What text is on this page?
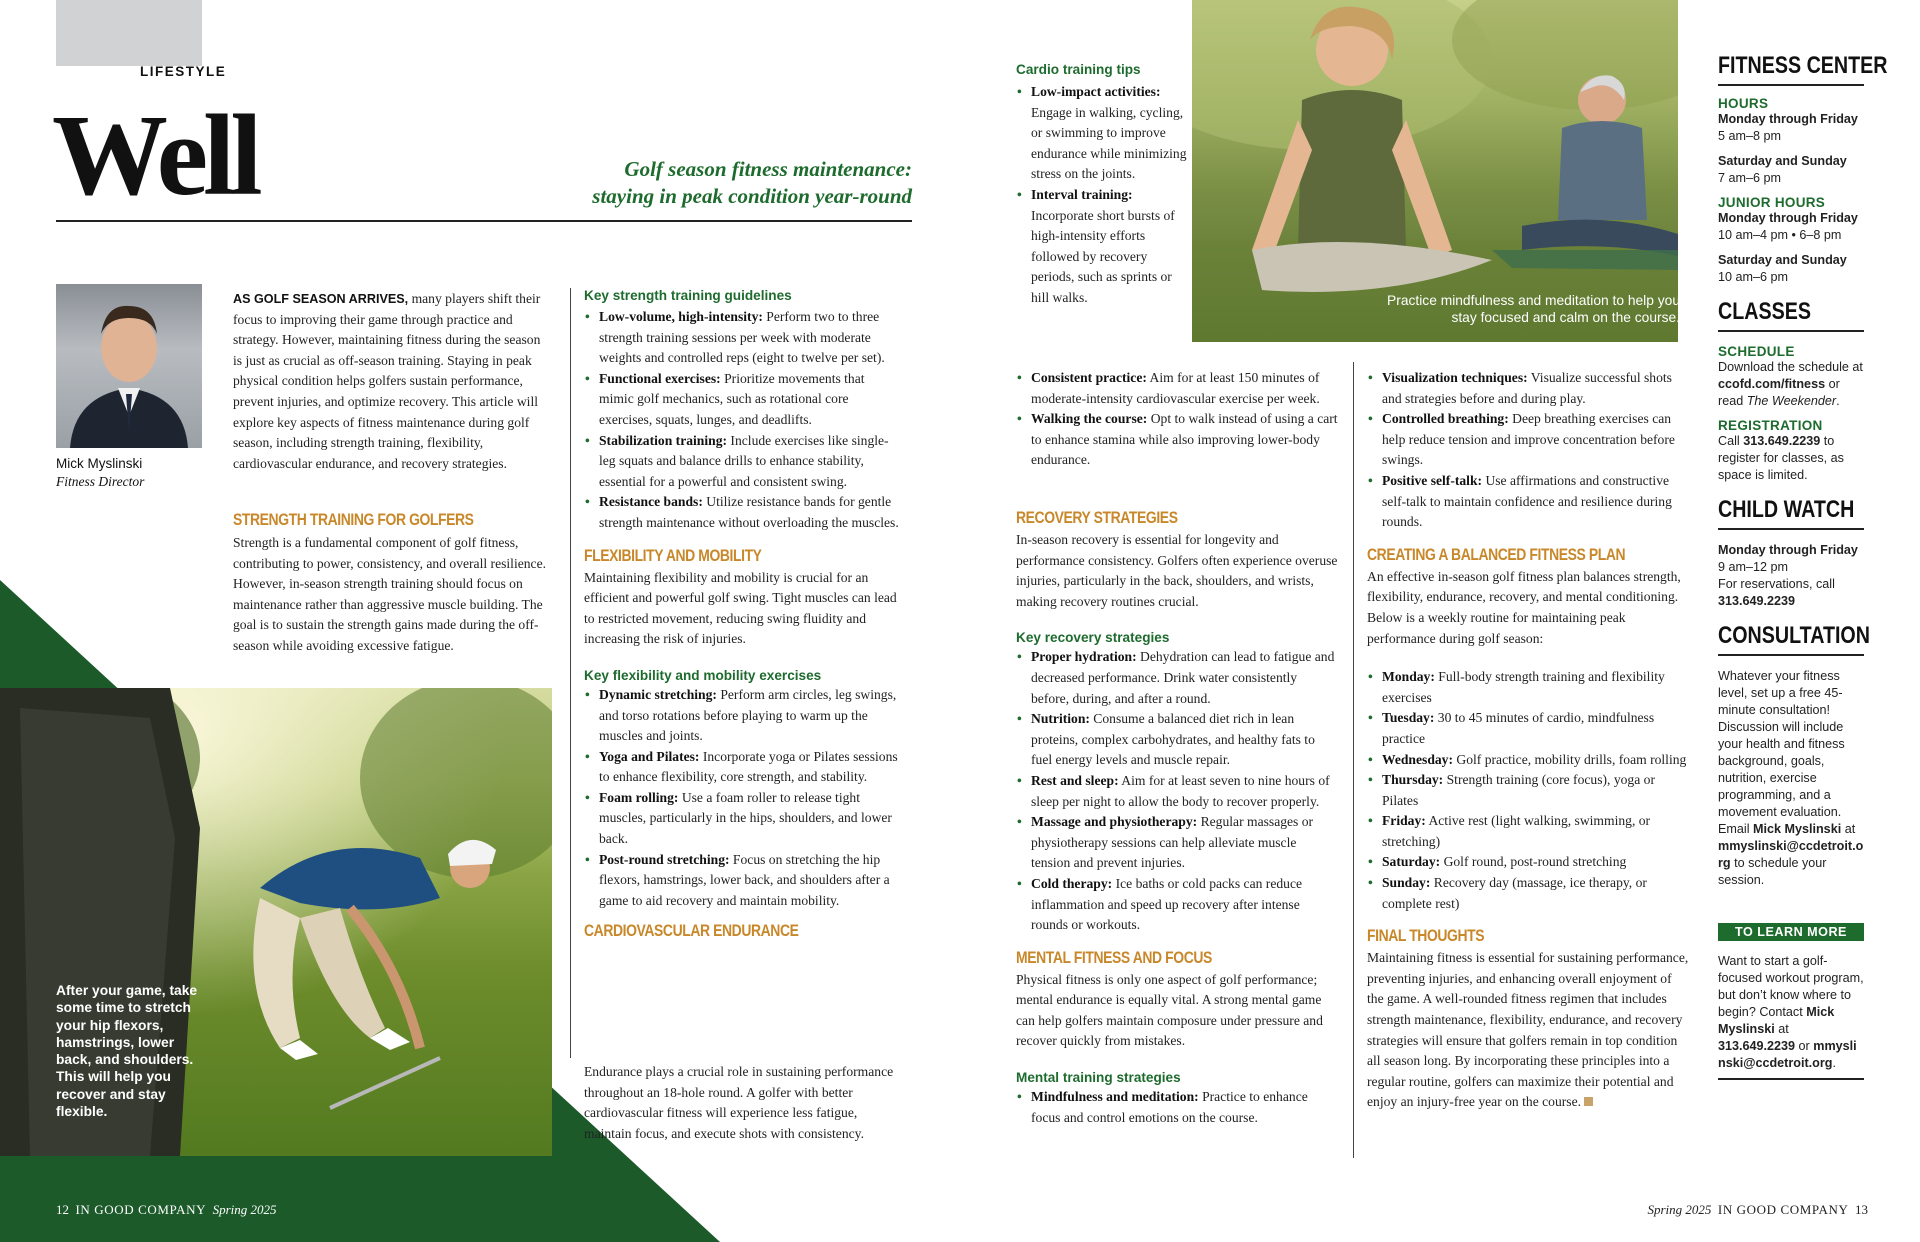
LIFESTYLE
Well	Golf season fitness maintenance:
staying in peak condition year-round
Mick Myslinski
Fitness Director
AS GOLF SEASON ARRIVES, many players shift their focus to improving their game through practice and strategy. However, maintaining fitness during the season is just as crucial as off-season training. Staying in peak physical condition helps golfers sustain performance, prevent injuries, and optimize recovery. This article will explore key aspects of fitness maintenance during golf season, including strength training, flexibility, cardiovascular endurance, and recovery strategies.
STRENGTH TRAINING FOR GOLFERS
Strength is a fundamental component of golf fitness, contributing to power, consistency, and overall resilience. However, in-season strength training should focus on maintenance rather than aggressive muscle building. The goal is to sustain the strength gains made during the off-season while avoiding excessive fatigue.
After your game, take some time to stretch your hip flexors, hamstrings, lower back, and shoulders. This will help you recover and stay flexible.
Key strength training guidelines
• Low-volume, high-intensity: Perform two to three strength training sessions per week with moderate weights and controlled reps (eight to twelve per set).
• Functional exercises: Prioritize movements that mimic golf mechanics, such as rotational core exercises, squats, lunges, and deadlifts.
• Stabilization training: Include exercises like single-leg squats and balance drills to enhance stability, essential for a powerful and consistent swing.
• Resistance bands: Utilize resistance bands for gentle strength maintenance without overloading the muscles.
FLEXIBILITY AND MOBILITY
Maintaining flexibility and mobility is crucial for an efficient and powerful golf swing. Tight muscles can lead to restricted movement, reducing swing fluidity and increasing the risk of injuries.
Key flexibility and mobility exercises
• Dynamic stretching: Perform arm circles, leg swings, and torso rotations before playing to warm up the muscles and joints.
• Yoga and Pilates: Incorporate yoga or Pilates sessions to enhance flexibility, core strength, and stability.
• Foam rolling: Use a foam roller to release tight muscles, particularly in the hips, shoulders, and lower back.
• Post-round stretching: Focus on stretching the hip flexors, hamstrings, lower back, and shoulders after a game to aid recovery and maintain mobility.
CARDIOVASCULAR ENDURANCE
Endurance plays a crucial role in sustaining performance throughout an 18-hole round. A golfer with better cardiovascular fitness will experience less fatigue, maintain focus, and execute shots with consistency.
12 IN GOOD COMPANY Spring 2025
Cardio training tips
• Low-impact activities: Engage in walking, cycling, or swimming to improve endurance while minimizing stress on the joints.
• Interval training: Incorporate short bursts of high-intensity efforts followed by recovery periods, such as sprints or hill walks.
• Consistent practice: Aim for at least 150 minutes of moderate-intensity cardiovascular exercise per week.
• Walking the course: Opt to walk instead of using a cart to enhance stamina while also improving lower-body endurance.
Practice mindfulness and meditation to help you stay focused and calm on the course.
RECOVERY STRATEGIES
In-season recovery is essential for longevity and performance consistency. Golfers often experience overuse injuries, particularly in the back, shoulders, and wrists, making recovery routines crucial.
Key recovery strategies
• Proper hydration: Dehydration can lead to fatigue and decreased performance. Drink water consistently before, during, and after a round.
• Nutrition: Consume a balanced diet rich in lean proteins, complex carbohydrates, and healthy fats to fuel energy levels and muscle repair.
• Rest and sleep: Aim for at least seven to nine hours of sleep per night to allow the body to recover properly.
• Massage and physiotherapy: Regular massages or physiotherapy sessions can help alleviate muscle tension and prevent injuries.
• Cold therapy: Ice baths or cold packs can reduce inflammation and speed up recovery after intense rounds or workouts.
MENTAL FITNESS AND FOCUS
Physical fitness is only one aspect of golf performance; mental endurance is equally vital. A strong mental game can help golfers maintain composure under pressure and recover quickly from mistakes.
Mental training strategies
• Mindfulness and meditation: Practice to enhance focus and control emotions on the course.
• Visualization techniques: Visualize successful shots and strategies before and during play.
• Controlled breathing: Deep breathing exercises can help reduce tension and improve concentration before swings.
• Positive self-talk: Use affirmations and constructive self-talk to maintain confidence and resilience during rounds.
CREATING A BALANCED FITNESS PLAN
An effective in-season golf fitness plan balances strength, flexibility, endurance, recovery, and mental conditioning. Below is a weekly routine for maintaining peak performance during golf season:
• Monday: Full-body strength training and flexibility exercises
• Tuesday: 30 to 45 minutes of cardio, mindfulness practice
• Wednesday: Golf practice, mobility drills, foam rolling
• Thursday: Strength training (core focus), yoga or Pilates
• Friday: Active rest (light walking, swimming, or stretching)
• Saturday: Golf round, post-round stretching
• Sunday: Recovery day (massage, ice therapy, or complete rest)
FINAL THOUGHTS
Maintaining fitness is essential for sustaining performance, preventing injuries, and enhancing overall enjoyment of the game. A well-rounded fitness regimen that includes strength maintenance, flexibility, endurance, and recovery strategies will ensure that golfers remain in top condition all season long. By incorporating these principles into a regular routine, golfers can maximize their potential and enjoy an injury-free year on the course.
Spring 2025 IN GOOD COMPANY 13
FITNESS CENTER
HOURS
Monday through Friday
5 am–8 pm
Saturday and Sunday
7 am–6 pm
JUNIOR HOURS
Monday through Friday
10 am–4 pm • 6–8 pm
Saturday and Sunday
10 am–6 pm
CLASSES
SCHEDULE
Download the schedule at ccofd.com/fitness or read The Weekender.
REGISTRATION
Call 313.649.2239 to register for classes, as space is limited.
CHILD WATCH
Monday through Friday
9 am–12 pm
For reservations, call 313.649.2239
CONSULTATION
Whatever your fitness level, set up a free 45-minute consultation! Discussion will include your health and fitness background, goals, nutrition, exercise programming, and a movement evaluation. Email Mick Myslinski at mmyslinski@ccdetroit.org to schedule your session.
TO LEARN MORE
Want to start a golf-focused workout program, but don’t know where to begin? Contact Mick Myslinski at 313.649.2239 or mmyslinski@ccdetroit.org.
